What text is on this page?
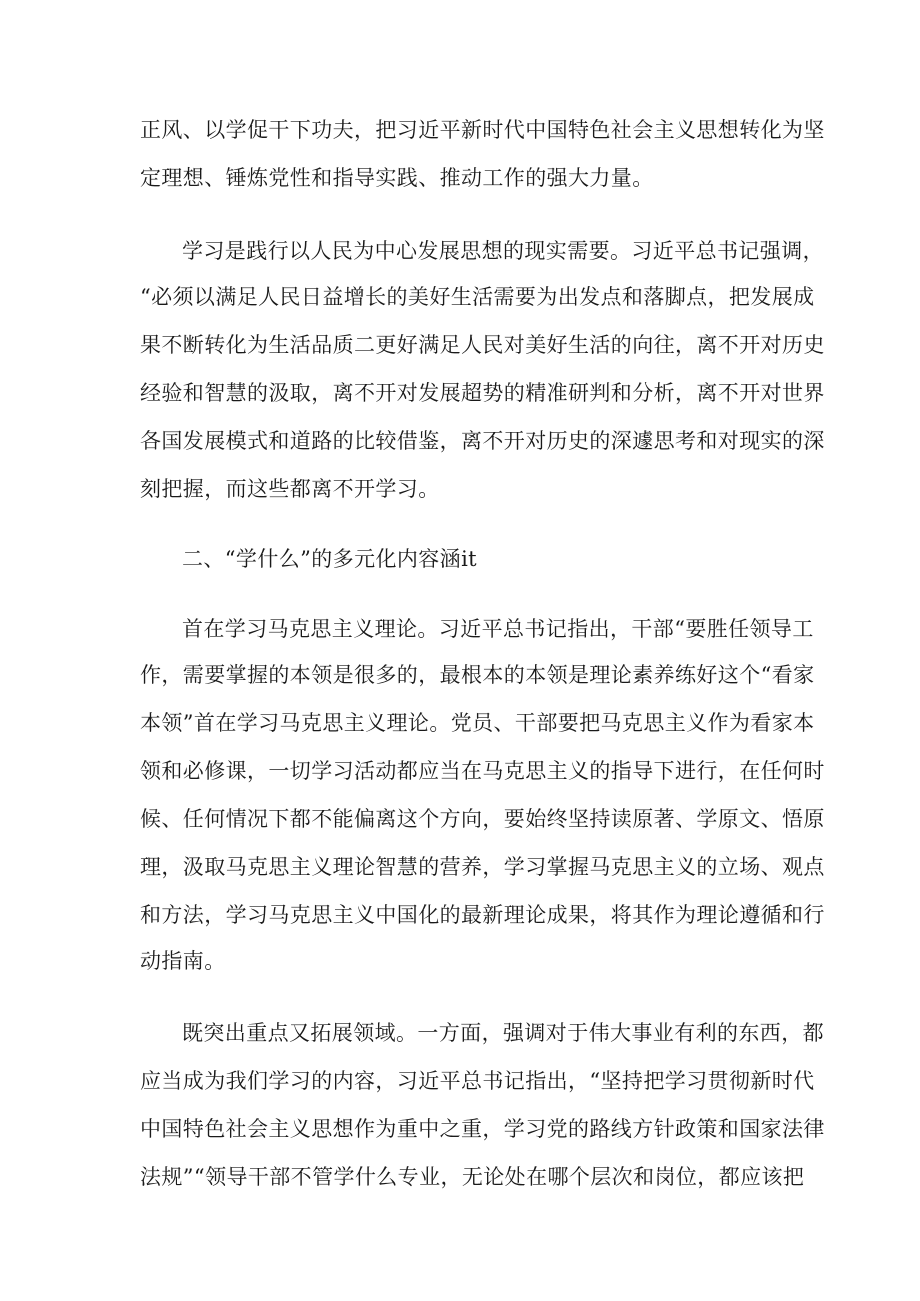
正风、以学促干下功夫，把习近平新时代中国特色社会主义思想转化为坚
定理想、锤炼党性和指导实践、推动工作的强大力量。
学习是践行以人民为中心发展思想的现实需要。习近平总书记强调，
“必须以满足人民日益增长的美好生活需要为出发点和落脚点，把发展成
果不断转化为生活品质二更好满足人民对美好生活的向往，离不开对历史
经验和智慧的汲取，离不开对发展超势的精准研判和分析，离不开对世界
各国发展模式和道路的比较借鉴，离不开对历史的深遽思考和对现实的深
刻把握，而这些都离不开学习。
二、“学什么”的多元化内容涵it
首在学习马克思主义理论。习近平总书记指出，干部“要胜任领导工
作，需要掌握的本领是很多的，最根本的本领是理论素养练好这个“看家
本领”首在学习马克思主义理论。党员、干部要把马克思主义作为看家本
领和必修课，一切学习活动都应当在马克思主义的指导下进行，在任何时
候、任何情况下都不能偏离这个方向，要始终坚持读原著、学原文、悟原
理，汲取马克思主义理论智慧的营养，学习掌握马克思主义的立场、观点
和方法，学习马克思主义中国化的最新理论成果，将其作为理论遵循和行
动指南。
既突出重点又拓展领域。一方面，强调对于伟大事业有利的东西，都
应当成为我们学习的内容，习近平总书记指出，“坚持把学习贯彻新时代
中国特色社会主义思想作为重中之重，学习党的路线方针政策和国家法律
法规”“领导干部不管学什么专业，无论处在哪个层次和岗位，都应该把
